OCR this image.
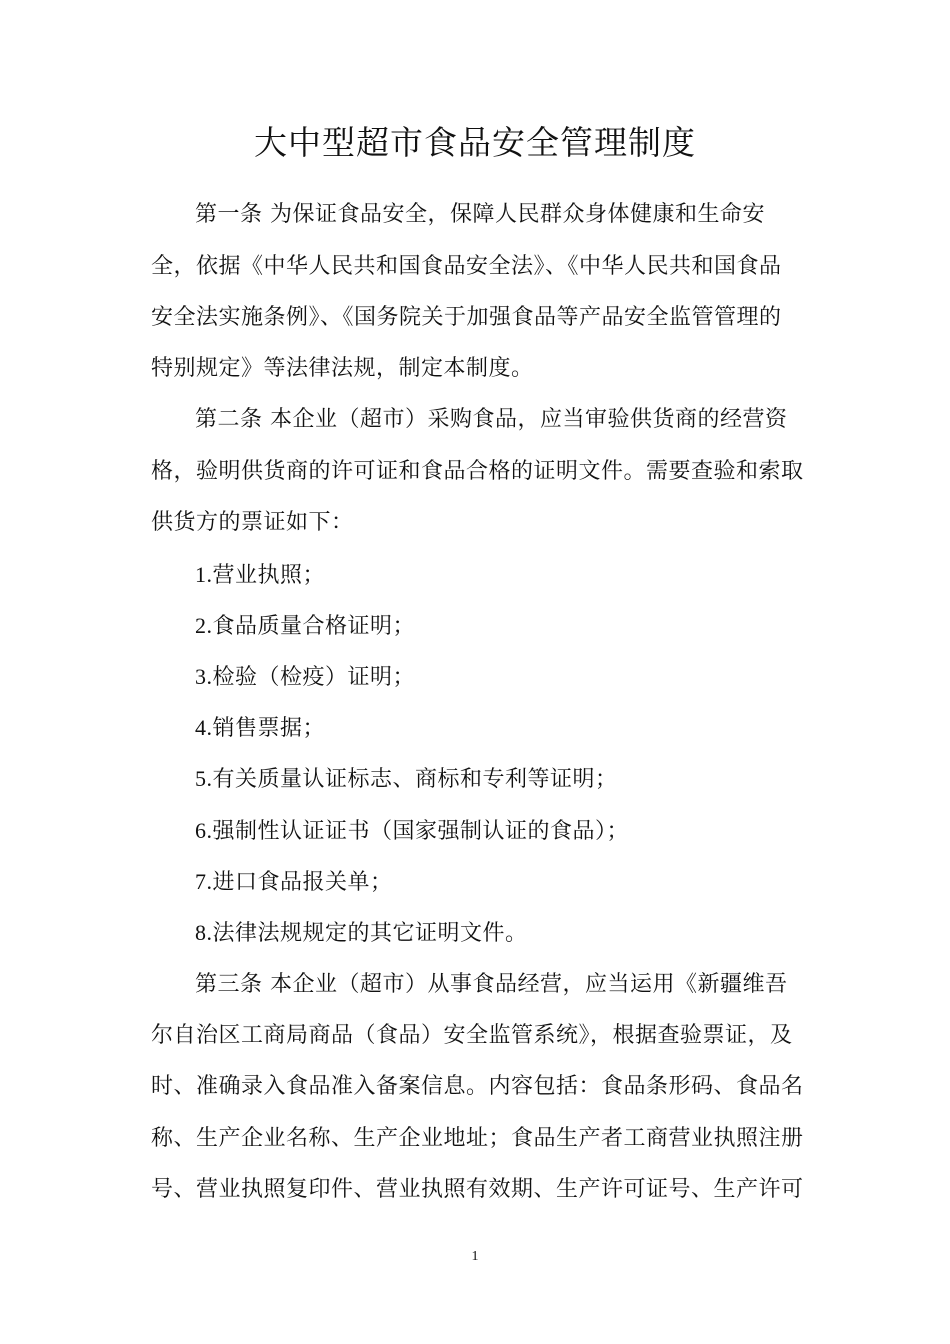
大中型超市食品安全管理制度

第一条 为保证食品安全，保障人民群众身体健康和生命安

全，依据《中华人民共和国食品安全法》、《中华人民共和国食品

安全法实施条例》、《国务院关于加强食品等产品安全监管管理的

特别规定》等法律法规，制定本制度。

第二条 本企业（超市）采购食品，应当审验供货商的经营资

格，验明供货商的许可证和食品合格的证明文件。需要查验和索取

供货方的票证如下：

1.营业执照；

2.食品质量合格证明；

3.检验（检疫）证明；

4.销售票据；

5.有关质量认证标志、商标和专利等证明；

6.强制性认证证书（国家强制认证的食品）；

7.进口食品报关单；

8.法律法规规定的其它证明文件。

第三条 本企业（超市）从事食品经营，应当运用《新疆维吾

尔自治区工商局商品（食品）安全监管系统》，根据查验票证，及

时、准确录入食品准入备案信息。内容包括：食品条形码、食品名

称、生产企业名称、生产企业地址；食品生产者工商营业执照注册

号、营业执照复印件、营业执照有效期、生产许可证号、生产许可

1
